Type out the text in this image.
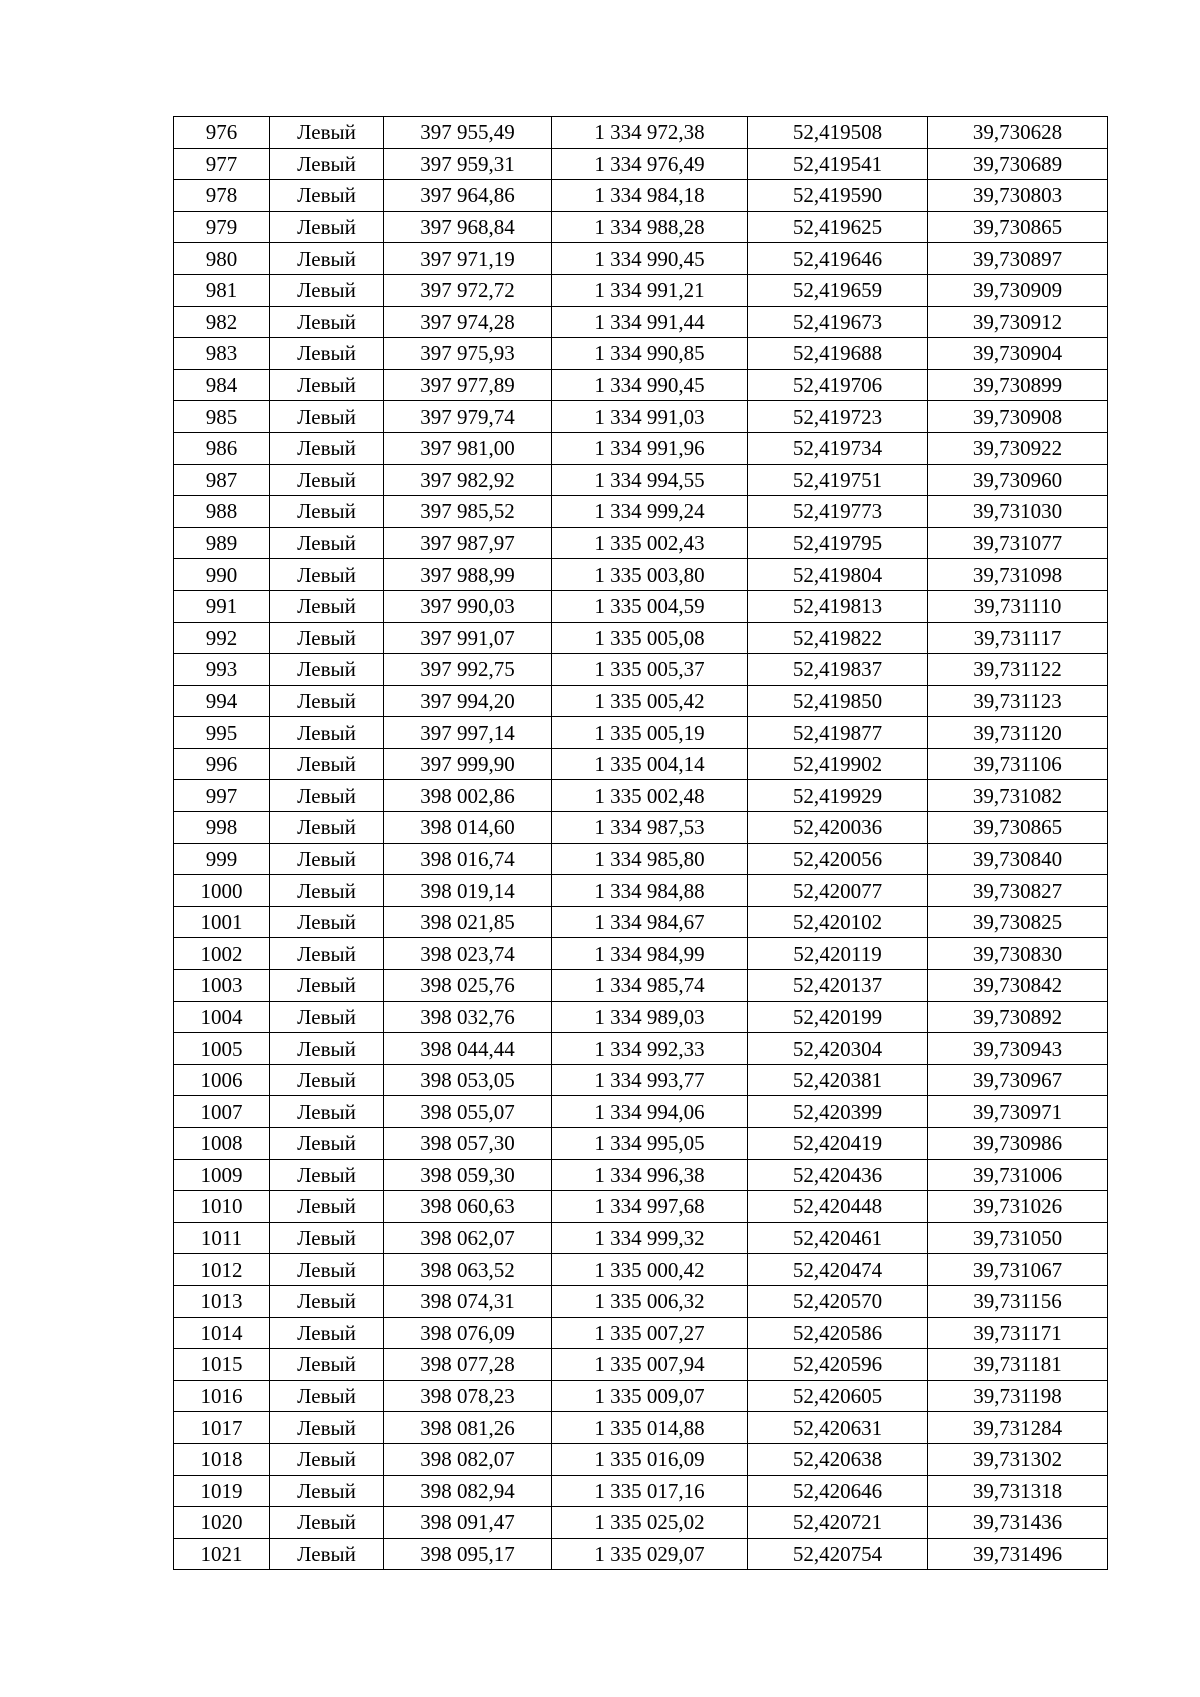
976	Левый	397 955,49	1 334 972,38	52,419508	39,730628
977	Левый	397 959,31	1 334 976,49	52,419541	39,730689
978	Левый	397 964,86	1 334 984,18	52,419590	39,730803
979	Левый	397 968,84	1 334 988,28	52,419625	39,730865
980	Левый	397 971,19	1 334 990,45	52,419646	39,730897
981	Левый	397 972,72	1 334 991,21	52,419659	39,730909
982	Левый	397 974,28	1 334 991,44	52,419673	39,730912
983	Левый	397 975,93	1 334 990,85	52,419688	39,730904
984	Левый	397 977,89	1 334 990,45	52,419706	39,730899
985	Левый	397 979,74	1 334 991,03	52,419723	39,730908
986	Левый	397 981,00	1 334 991,96	52,419734	39,730922
987	Левый	397 982,92	1 334 994,55	52,419751	39,730960
988	Левый	397 985,52	1 334 999,24	52,419773	39,731030
989	Левый	397 987,97	1 335 002,43	52,419795	39,731077
990	Левый	397 988,99	1 335 003,80	52,419804	39,731098
991	Левый	397 990,03	1 335 004,59	52,419813	39,731110
992	Левый	397 991,07	1 335 005,08	52,419822	39,731117
993	Левый	397 992,75	1 335 005,37	52,419837	39,731122
994	Левый	397 994,20	1 335 005,42	52,419850	39,731123
995	Левый	397 997,14	1 335 005,19	52,419877	39,731120
996	Левый	397 999,90	1 335 004,14	52,419902	39,731106
997	Левый	398 002,86	1 335 002,48	52,419929	39,731082
998	Левый	398 014,60	1 334 987,53	52,420036	39,730865
999	Левый	398 016,74	1 334 985,80	52,420056	39,730840
1000	Левый	398 019,14	1 334 984,88	52,420077	39,730827
1001	Левый	398 021,85	1 334 984,67	52,420102	39,730825
1002	Левый	398 023,74	1 334 984,99	52,420119	39,730830
1003	Левый	398 025,76	1 334 985,74	52,420137	39,730842
1004	Левый	398 032,76	1 334 989,03	52,420199	39,730892
1005	Левый	398 044,44	1 334 992,33	52,420304	39,730943
1006	Левый	398 053,05	1 334 993,77	52,420381	39,730967
1007	Левый	398 055,07	1 334 994,06	52,420399	39,730971
1008	Левый	398 057,30	1 334 995,05	52,420419	39,730986
1009	Левый	398 059,30	1 334 996,38	52,420436	39,731006
1010	Левый	398 060,63	1 334 997,68	52,420448	39,731026
1011	Левый	398 062,07	1 334 999,32	52,420461	39,731050
1012	Левый	398 063,52	1 335 000,42	52,420474	39,731067
1013	Левый	398 074,31	1 335 006,32	52,420570	39,731156
1014	Левый	398 076,09	1 335 007,27	52,420586	39,731171
1015	Левый	398 077,28	1 335 007,94	52,420596	39,731181
1016	Левый	398 078,23	1 335 009,07	52,420605	39,731198
1017	Левый	398 081,26	1 335 014,88	52,420631	39,731284
1018	Левый	398 082,07	1 335 016,09	52,420638	39,731302
1019	Левый	398 082,94	1 335 017,16	52,420646	39,731318
1020	Левый	398 091,47	1 335 025,02	52,420721	39,731436
1021	Левый	398 095,17	1 335 029,07	52,420754	39,731496
